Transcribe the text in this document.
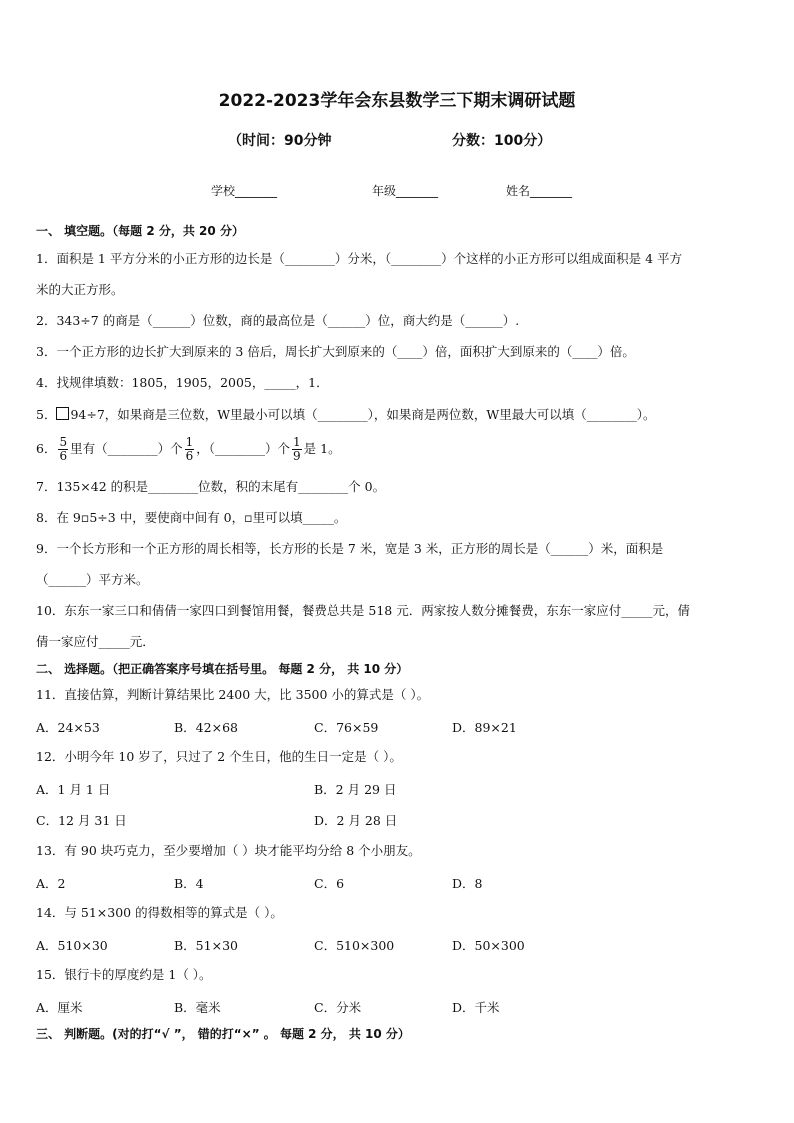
2022-2023学年会东县数学三下期末调研试题
（时间：90分钟	分数：100分）
学校_______	年级_______	姓名_______
一、 填空题。（每题 2 分，共 20 分）
1．面积是 1 平方分米的小正方形的边长是（________）分米，（________）个这样的小正方形可以组成面积是 4 平方
米的大正方形。
2．343÷7 的商是（______）位数，商的最高位是（______）位，商大约是（______）.
3．一个正方形的边长扩大到原来的 3 倍后，周长扩大到原来的（____）倍，面积扩大到原来的（____）倍。
4．找规律填数：1805，1905，2005，_____，1．
5． 94÷7，如果商是三位数，W里最小可以填（________），如果商是两位数，W里最大可以填（________）。
6． $\frac{5}{6}$ 里有（________）个 $\frac{1}{6}$ ，（________）个 $\frac{1}{9}$ 是 1。
7．135×42 的积是________位数，积的末尾有________个 0。
8．在 9▫5÷3 中，要使商中间有 0，▫里可以填_____。
9．一个长方形和一个正方形的周长相等，长方形的长是 7 米，宽是 3 米，正方形的周长是（______）米，面积是
（______）平方米。
10．东东一家三口和倩倩一家四口到餐馆用餐，餐费总共是 518 元．两家按人数分摊餐费，东东一家应付_____元，倩
倩一家应付_____元．
二、 选择题。（把正确答案序号填在括号里。 每题 2 分， 共 10 分）
11．直接估算，判断计算结果比 2400 大，比 3500 小的算式是（ ）。
A．24×53	B．42×68	C．76×59	D．89×21
12．小明今年 10 岁了，只过了 2 个生日，他的生日一定是（ ）。
A．1 月 1 日	B．2 月 29 日
C．12 月 31 日	D．2 月 28 日
13．有 90 块巧克力，至少要增加（ ）块才能平均分给 8 个小朋友。
A．2	B．4	C．6	D．8
14．与 51×300 的得数相等的算式是（ ）。
A．510×30	B．51×30	C．510×300	D．50×300
15．银行卡的厚度约是 1（ ）。
A．厘米	B．毫米	C．分米	D．千米
三、 判断题。(对的打“√ ”， 错的打“×” 。 每题 2 分， 共 10 分）
